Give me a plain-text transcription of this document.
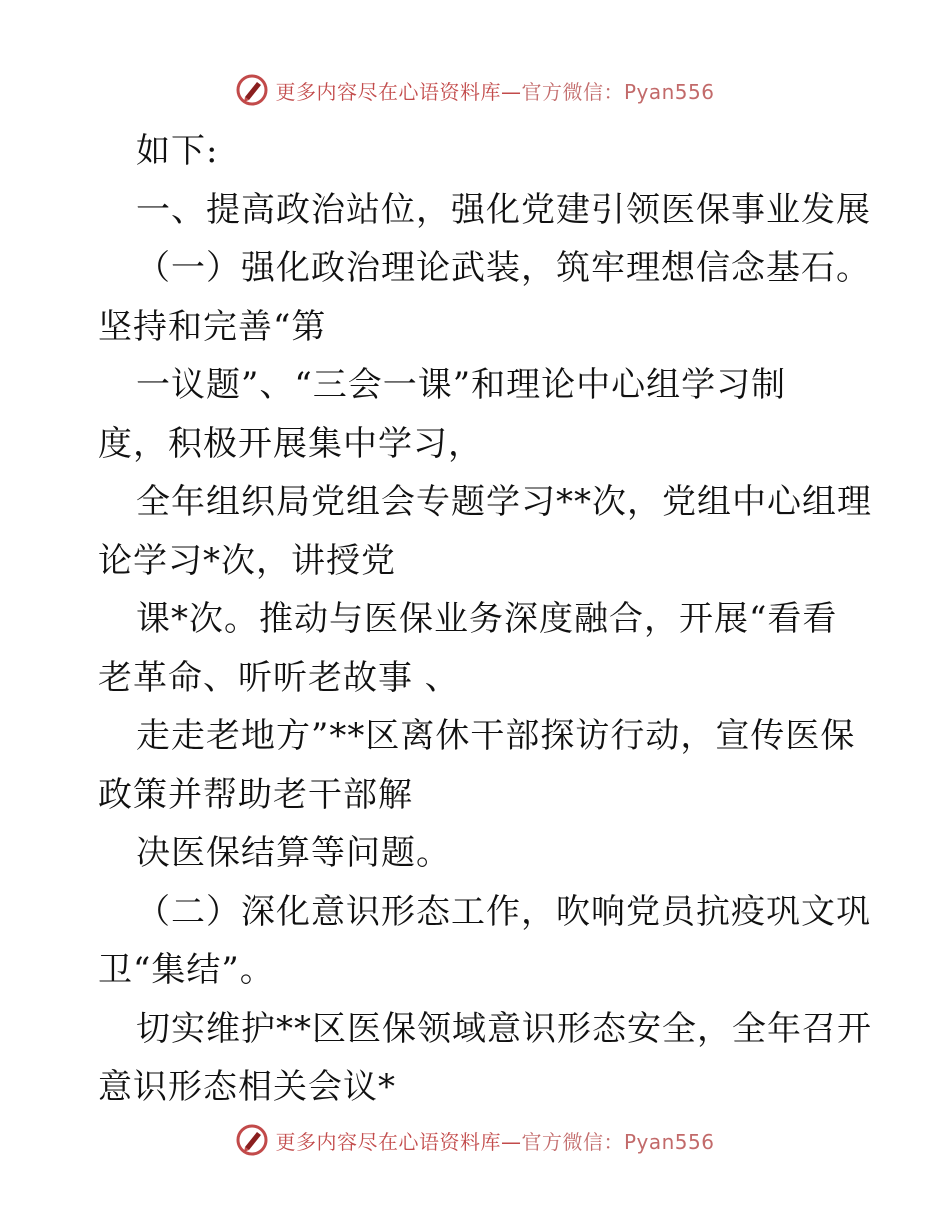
更多内容尽在心语资料库— 官方微信：Pyan556
如下:
一、提高政治站位，强化党建引领医保事业发展
（一）强化政治理论武装，筑牢理想信念基石。
坚持和完善“第
一议题”、“三会一课”和理论中心组学习制
度，积极开展集中学习，
全年组织局党组会专题学习**次，党组中心组理
论学习*次，讲授党
课*次。推动与医保业务深度融合，开展“看看
老革命、听听老故事 、
走走老地方”**区离休干部探访行动，宣传医保
政策并帮助老干部解
决医保结算等问题。
（二）深化意识形态工作，吹响党员抗疫巩文巩
卫“集结”。
切实维护**区医保领域意识形态安全，全年召开
意识形态相关会议*
更多内容尽在心语资料库— 官方微信：Pyan556
